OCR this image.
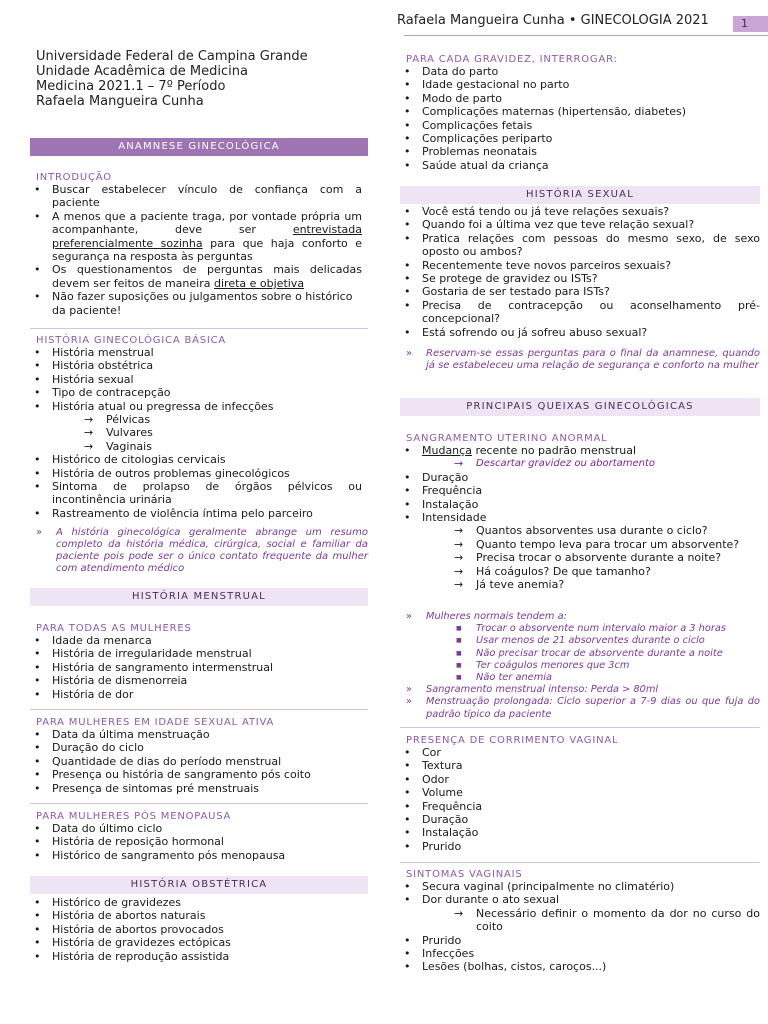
Rafaela Mangueira Cunha • GINECOLOGIA 2021	1
Universidade Federal de Campina Grande
Unidade Acadêmica de Medicina
Medicina 2021.1 – 7º Período
Rafaela Mangueira Cunha
ANAMNESE GINECOLÓGICA
INTRODUÇÃO
• Buscar estabelecer vínculo de confiança com a paciente
• A menos que a paciente traga, por vontade própria um acompanhante, deve ser entrevistada preferencialmente sozinha para que haja conforto e segurança na resposta às perguntas
• Os questionamentos de perguntas mais delicadas devem ser feitos de maneira direta e objetiva
• Não fazer suposições ou julgamentos sobre o histórico da paciente!
HISTÓRIA GINECOLÓGICA BÁSICA
• História menstrual
• História obstétrica
• História sexual
• Tipo de contracepção
• História atual ou pregressa de infecções
→ Pélvicas
→ Vulvares
→ Vaginais
• Histórico de citologias cervicais
• História de outros problemas ginecológicos
• Sintoma de prolapso de órgãos pélvicos ou incontinência urinária
• Rastreamento de violência íntima pelo parceiro
» A história ginecológica geralmente abrange um resumo completo da história médica, cirúrgica, social e familiar da paciente pois pode ser o único contato frequente da mulher com atendimento médico
HISTÓRIA MENSTRUAL
PARA TODAS AS MULHERES
• Idade da menarca
• História de irregularidade menstrual
• História de sangramento intermenstrual
• História de dismenorreia
• História de dor
PARA MULHERES EM IDADE SEXUAL ATIVA
• Data da última menstruação
• Duração do ciclo
• Quantidade de dias do período menstrual
• Presença ou história de sangramento pós coito
• Presença de sintomas pré menstruais
PARA MULHERES PÓS MENOPAUSA
• Data do último ciclo
• História de reposição hormonal
• Histórico de sangramento pós menopausa
HISTÓRIA OBSTÉTRICA
• Histórico de gravidezes
• História de abortos naturais
• História de abortos provocados
• História de gravidezes ectópicas
• História de reprodução assistida
PARA CADA GRAVIDEZ, INTERROGAR:
• Data do parto
• Idade gestacional no parto
• Modo de parto
• Complicações maternas (hipertensão, diabetes)
• Complicações fetais
• Complicações periparto
• Problemas neonatais
• Saúde atual da criança
HISTÓRIA SEXUAL
• Você está tendo ou já teve relações sexuais?
• Quando foi a última vez que teve relação sexual?
• Pratica relações com pessoas do mesmo sexo, de sexo oposto ou ambos?
• Recentemente teve novos parceiros sexuais?
• Se protege de gravidez ou ISTs?
• Gostaria de ser testado para ISTs?
• Precisa de contracepção ou aconselhamento pré-concepcional?
• Está sofrendo ou já sofreu abuso sexual?
» Reservam-se essas perguntas para o final da anamnese, quando já se estabeleceu uma relação de segurança e conforto na mulher
PRINCIPAIS QUEIXAS GINECOLÓGICAS
SANGRAMENTO UTERINO ANORMAL
• Mudança recente no padrão menstrual
→ Descartar gravidez ou abortamento
• Duração
• Frequência
• Instalação
• Intensidade
→ Quantos absorventes usa durante o ciclo?
→ Quanto tempo leva para trocar um absorvente?
→ Precisa trocar o absorvente durante a noite?
→ Há coágulos? De que tamanho?
→ Já teve anemia?
» Mulheres normais tendem a:
■ Trocar o absorvente num intervalo maior a 3 horas
■ Usar menos de 21 absorventes durante o ciclo
■ Não precisar trocar de absorvente durante a noite
■ Ter coágulos menores que 3cm
■ Não ter anemia
» Sangramento menstrual intenso: Perda > 80ml
» Menstruação prolongada: Ciclo superior a 7-9 dias ou que fuja do padrão típico da paciente
PRESENÇA DE CORRIMENTO VAGINAL
• Cor
• Textura
• Odor
• Volume
• Frequência
• Duração
• Instalação
• Prurido
SINTOMAS VAGINAIS
• Secura vaginal (principalmente no climatério)
• Dor durante o ato sexual
→ Necessário definir o momento da dor no curso do coito
• Prurido
• Infecções
• Lesões (bolhas, cistos, caroços...)
